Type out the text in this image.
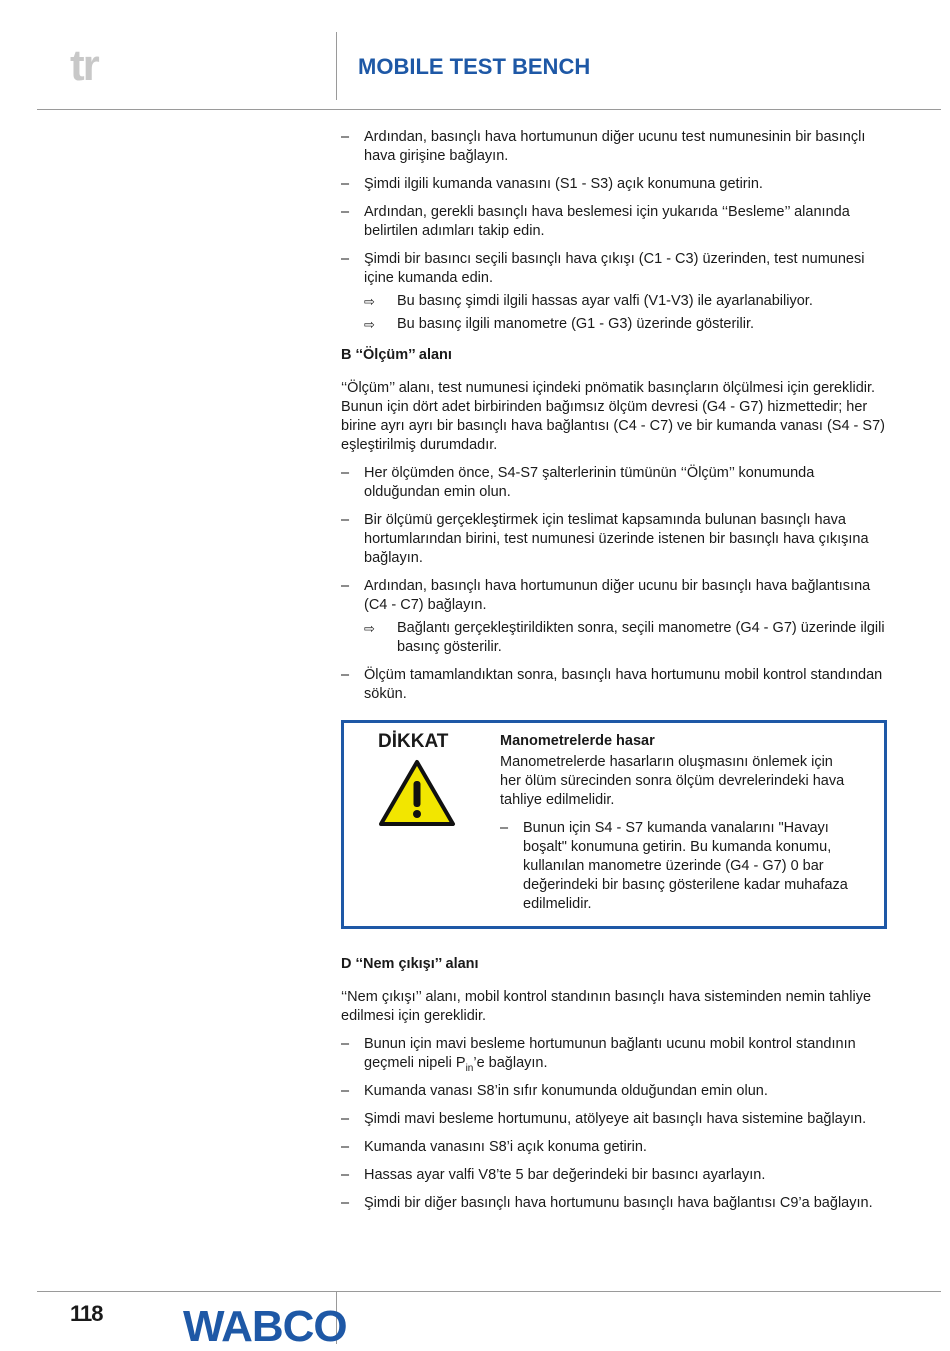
tr	MOBILE TEST BENCH
– Ardından, basınçlı hava hortumunun diğer ucunu test numunesinin bir basınçlı hava girişine bağlayın.
– Şimdi ilgili kumanda vanasını (S1 - S3) açık konumuna getirin.
– Ardından, gerekli basınçlı hava beslemesi için yukarıda ‘‘Besleme’’ alanında belirtilen adımları takip edin.
– Şimdi bir basıncı seçili basınçlı hava çıkışı (C1 - C3) üzerinden, test numunesi içine kumanda edin.
⇨ Bu basınç şimdi ilgili hassas ayar valfi (V1-V3) ile ayarlanabiliyor.
⇨ Bu basınç ilgili manometre (G1 - G3) üzerinde gösterilir.
B ‘‘Ölçüm’’ alanı
‘‘Ölçüm’’ alanı, test numunesi içindeki pnömatik basınçların ölçülmesi için gereklidir. Bunun için dört adet birbirinden bağımsız ölçüm devresi (G4 - G7) hizmettedir; her birine ayrı ayrı bir basınçlı hava bağlantısı (C4 - C7) ve bir kumanda vanası (S4 - S7) eşleştirilmiş durumdadır.
– Her ölçümden önce, S4-S7 şalterlerinin tümünün ‘‘Ölçüm’’ konumunda olduğundan emin olun.
– Bir ölçümü gerçekleştirmek için teslimat kapsamında bulunan basınçlı hava hortumlarından birini, test numunesi üzerinde istenen bir basınçlı hava çıkışına bağlayın.
– Ardından, basınçlı hava hortumunun diğer ucunu bir basınçlı hava bağlantısına (C4 - C7) bağlayın.
⇨ Bağlantı gerçekleştirildikten sonra, seçili manometre (G4 - G7) üzerinde ilgili basınç gösterilir.
– Ölçüm tamamlandıktan sonra, basınçlı hava hortumunu mobil kontrol standından sökün.
DİKKAT	Manometrelerde hasar
Manometrelerde hasarların oluşmasını önlemek için her ölüm sürecinden sonra ölçüm devrelerindeki hava tahliye edilmelidir.
– Bunun için S4 - S7 kumanda vanalarını "Havayı boşalt" konumuna getirin. Bu kumanda konumu, kullanılan manometre üzerinde (G4 - G7) 0 bar değerindeki bir basınç gösterilene kadar muhafaza edilmelidir.
D ‘‘Nem çıkışı’’ alanı
‘‘Nem çıkışı’’ alanı, mobil kontrol standının basınçlı hava sisteminden nemin tahliye edilmesi için gereklidir.
– Bunun için mavi besleme hortumunun bağlantı ucunu mobil kontrol standının geçmeli nipeli $P_{in}’e$ bağlayın.
– Kumanda vanası S8’in sıfır konumunda olduğundan emin olun.
– Şimdi mavi besleme hortumunu, atölyeye ait basınçlı hava sistemine bağlayın.
– Kumanda vanasını S8’i açık konuma getirin.
– Hassas ayar valfi V8’te 5 bar değerindeki bir basıncı ayarlayın.
– Şimdi bir diğer basınçlı hava hortumunu basınçlı hava bağlantısı C9’a bağlayın.
118 WABCO
